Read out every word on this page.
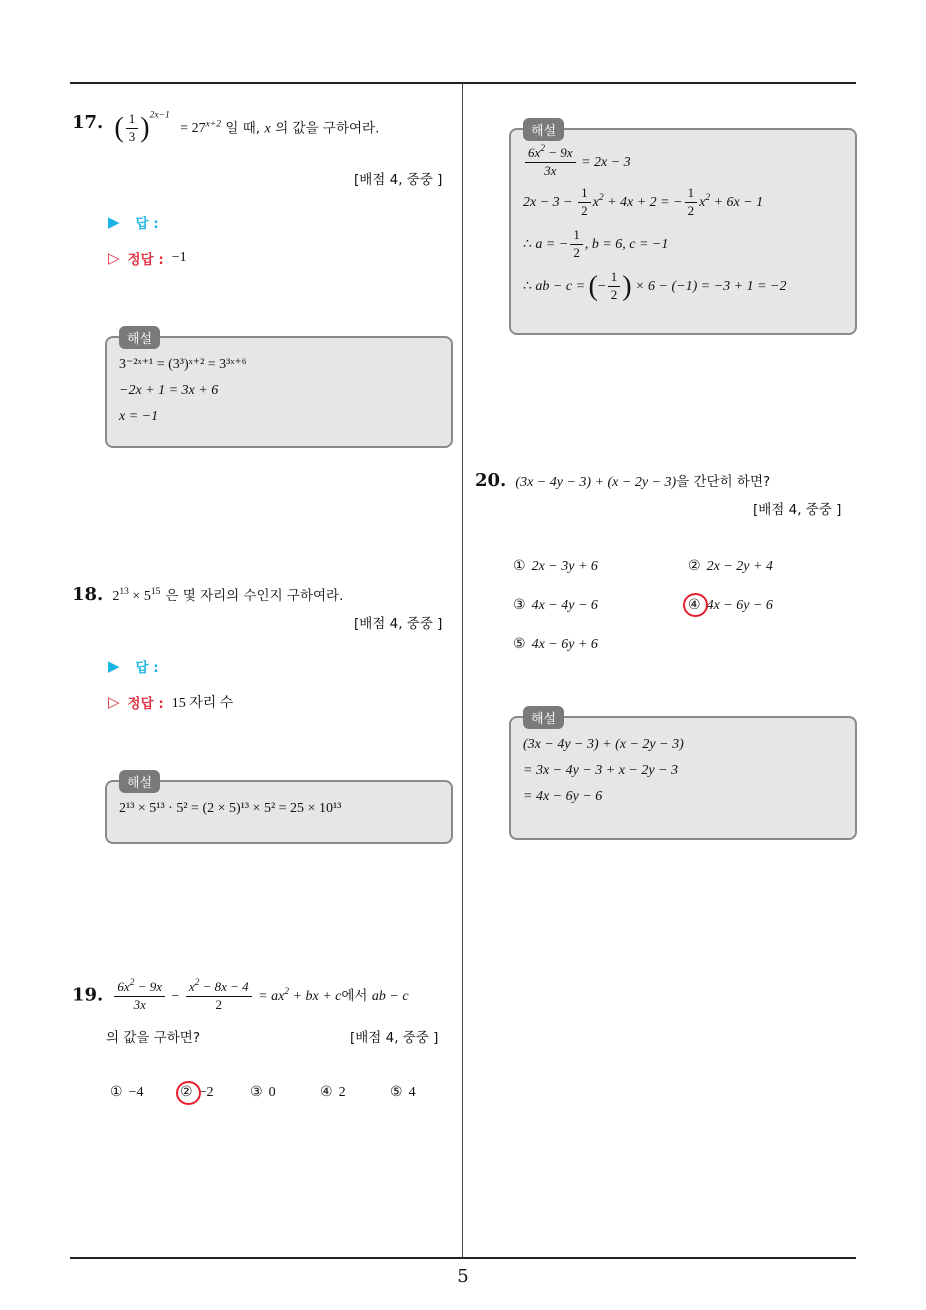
17. ( $\frac{1}{3} )^{2x-1} = 27^{x+2}$ 일 때, x 의 값을 구하여라.
[배점 4, 중중 ]
▶ 답 :
▷ 정답 : −1
해설
3⁻²ˣ⁺¹ = (3³)ˣ⁺² = 3³ˣ⁺⁶
−2x + 1 = 3x + 6
x = −1
18. $2^{13} \times 5^{15}$ 은 몇 자리의 수인지 구하여라.
[배점 4, 중중 ]
▶ 답 :
▷ 정답 : 15 자리 수
해설
2¹³ × 5¹³ · 5² = (2 × 5)¹³ × 5² = 25 × 10¹³
19. $\frac{6x^2 - 9x}{3x} - \frac{x^2 - 8x - 4}{2} = ax^2$ + bx + c에서 ab − c
의 값을 구하면?	[배점 4, 중중 ]
① −4	② −2	③ 0	④ 2	⑤ 4
해설
$\frac{6x^2 - 9x}{3x} = 2x - 3$
$2x - 3 - \frac{1}{2} x^2 + 4x + 2$ = − $\frac{1}{2} x^2 + 6x - 1$
∴ a = − $\frac{1}{2}$ , b = 6, c = −1
∴ ab − c = (− $\frac{1}{2}$ ) × 6 − (−1) = −3 + 1 = −2
20. (3x − 4y − 3) + (x − 2y − 3)을 간단히 하면?
[배점 4, 중중 ]
① 2x − 3y + 6	② 2x − 2y + 4
③ 4x − 4y − 6	④ 4x − 6y − 6
⑤ 4x − 6y + 6
해설
(3x − 4y − 3) + (x − 2y − 3)
= 3x − 4y − 3 + x − 2y − 3
= 4x − 6y − 6
5
